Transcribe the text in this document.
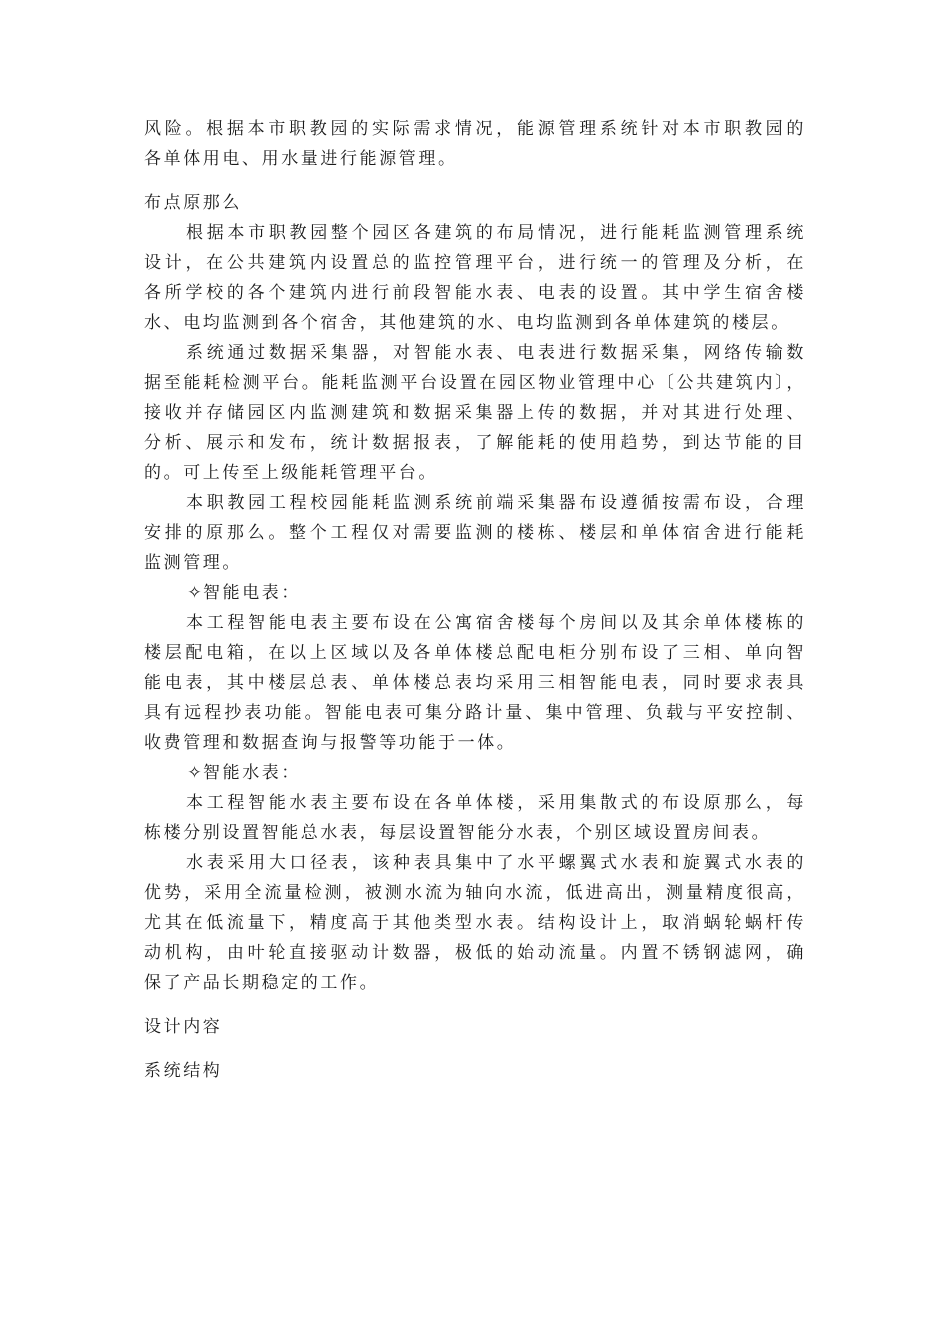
风险。根据本市职教园的实际需求情况，能源管理系统针对本市职教园的
各单体用电、用水量进行能源管理。
布点原那么
根据本市职教园整个园区各建筑的布局情况，进行能耗监测管理系统
设计，在公共建筑内设置总的监控管理平台，进行统一的管理及分析，在
各所学校的各个建筑内进行前段智能水表、电表的设置。其中学生宿舍楼
水、电均监测到各个宿舍，其他建筑的水、电均监测到各单体建筑的楼层。
系统通过数据采集器，对智能水表、电表进行数据采集，网络传输数
据至能耗检测平台。能耗监测平台设置在园区物业管理中心〔公共建筑内〕，
接收并存储园区内监测建筑和数据采集器上传的数据，并对其进行处理、
分析、展示和发布，统计数据报表，了解能耗的使用趋势，到达节能的目
的。可上传至上级能耗管理平台。
本职教园工程校园能耗监测系统前端采集器布设遵循按需布设，合理
安排的原那么。整个工程仅对需要监测的楼栋、楼层和单体宿舍进行能耗
监测管理。
✧智能电表：
本工程智能电表主要布设在公寓宿舍楼每个房间以及其余单体楼栋的
楼层配电箱，在以上区域以及各单体楼总配电柜分别布设了三相、单向智
能电表，其中楼层总表、单体楼总表均采用三相智能电表，同时要求表具
具有远程抄表功能。智能电表可集分路计量、集中管理、负载与平安控制、
收费管理和数据查询与报警等功能于一体。
✧智能水表：
本工程智能水表主要布设在各单体楼，采用集散式的布设原那么，每
栋楼分别设置智能总水表，每层设置智能分水表，个别区域设置房间表。
水表采用大口径表，该种表具集中了水平螺翼式水表和旋翼式水表的
优势，采用全流量检测，被测水流为轴向水流，低进高出，测量精度很高，
尤其在低流量下，精度高于其他类型水表。结构设计上，取消蜗轮蜗杆传
动机构，由叶轮直接驱动计数器，极低的始动流量。内置不锈钢滤网，确
保了产品长期稳定的工作。
设计内容
系统结构
